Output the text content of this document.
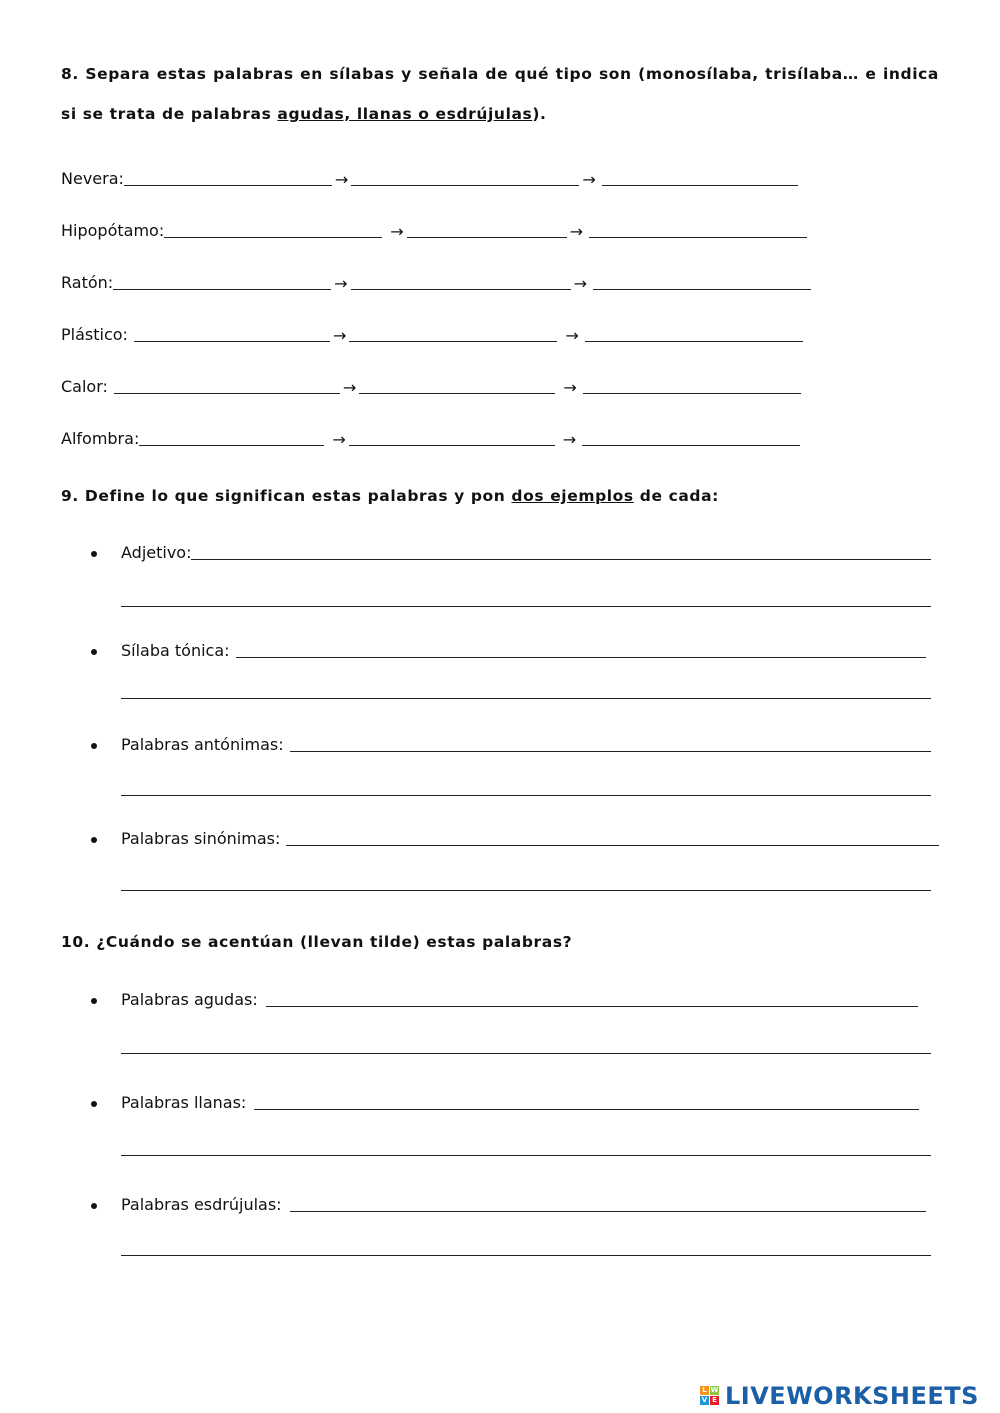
8. Separa estas palabras en sílabas y señala de qué tipo son (monosílaba, trisílaba… e indica si se trata de palabras agudas, llanas o esdrújulas).

Nevera:	→	→
Hipopótamo:	→	→
Ratón:	→	→
Plástico:	→	→
Calor:	→	→
Alfombra:	→	→

9. Define lo que significan estas palabras y pon dos ejemplos de cada:

Adjetivo:
Sílaba tónica:
Palabras antónimas:
Palabras sinónimas:

10. ¿Cuándo se acentúan (llevan tilde) estas palabras?

Palabras agudas:
Palabras llanas:
Palabras esdrújulas:
L W
V E LIVEWORKSHEETS
